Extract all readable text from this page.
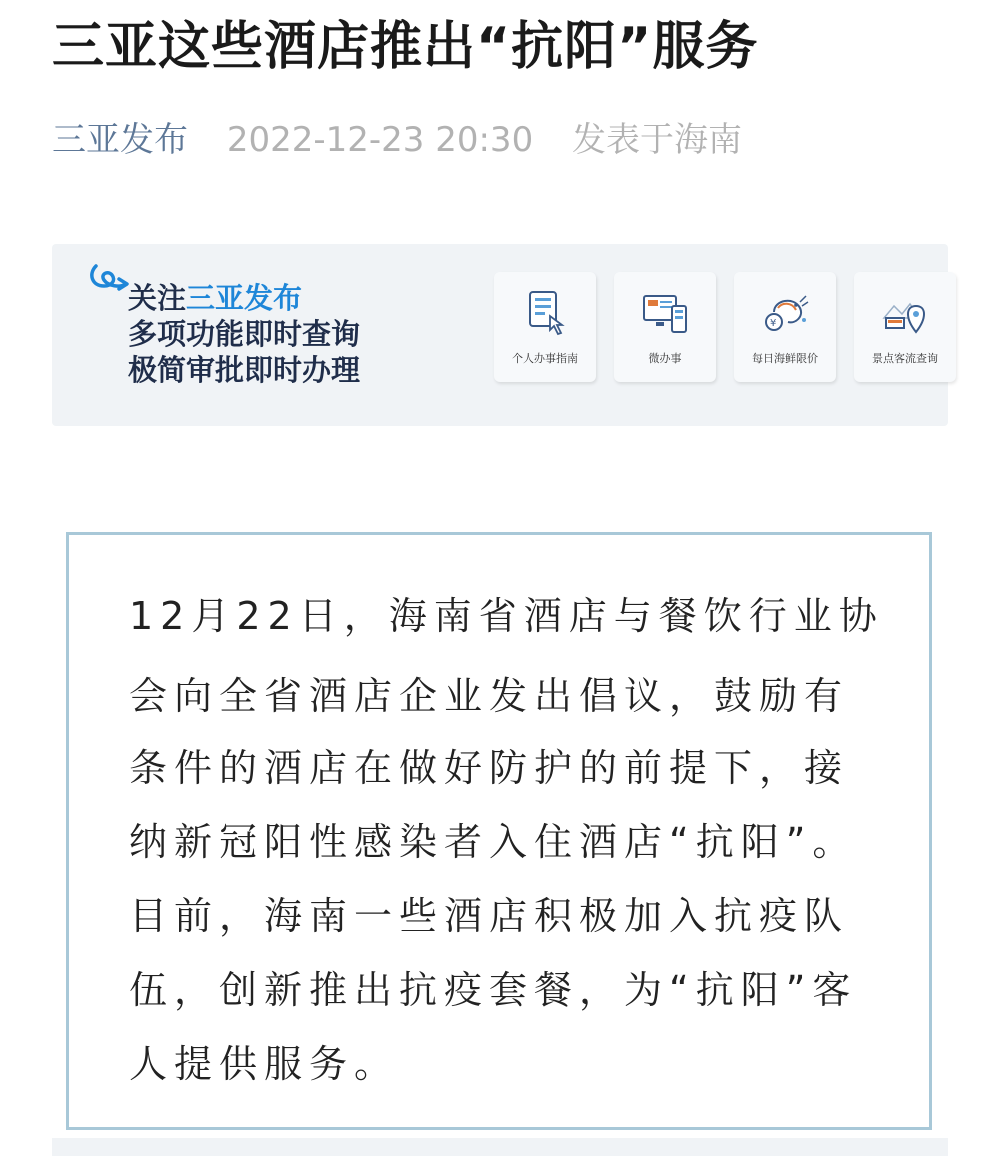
三亚这些酒店推出“抗阳”服务
三亚发布 2022-12-23 20:30 发表于海南
关注三亚发布
多项功能即时查询
极简审批即时办理	个人办事指南	微办事
¥
每日海鲜限价	景点客流查询
12月22日，海南省酒店与餐饮行业协
会向全省酒店企业发出倡议，鼓励有
条件的酒店在做好防护的前提下，接
纳新冠阳性感染者入住酒店“抗阳”。
目前，海南一些酒店积极加入抗疫队
伍，创新推出抗疫套餐，为“抗阳”客
人提供服务。
